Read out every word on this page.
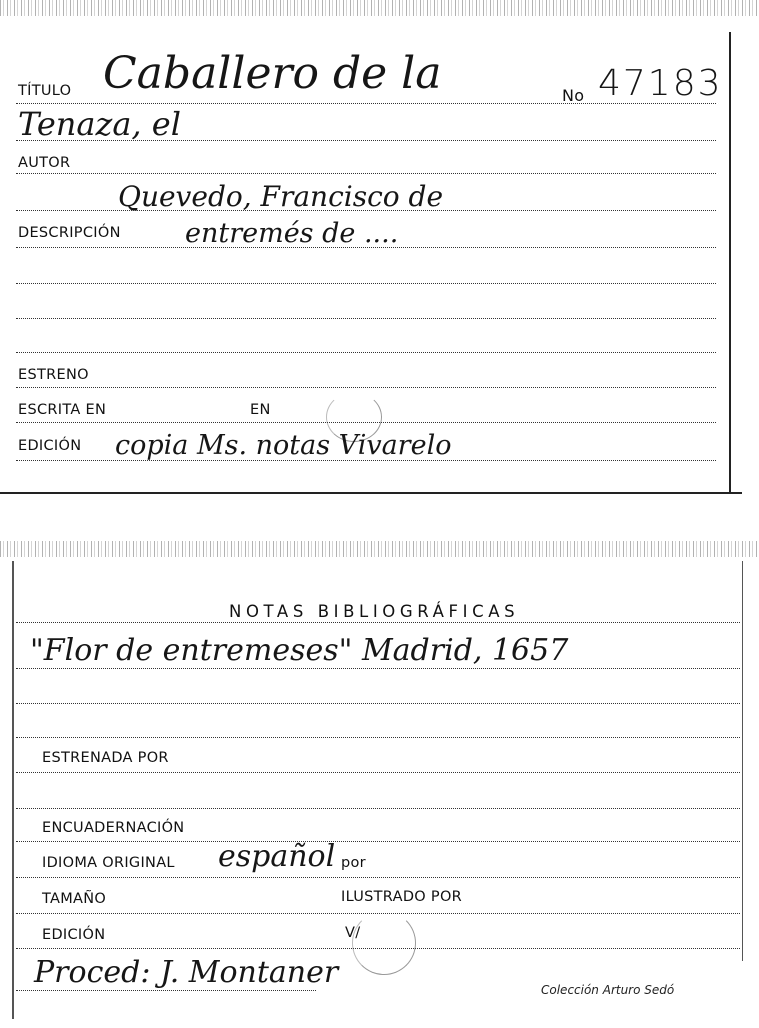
TÍTULO Caballero de la	No 47183
Tenaza, el
AUTOR
Quevedo, Francisco de
DESCRIPCIÓN entremés de ....
ESTRENO
ESCRITA EN	EN
EDICIÓN copia Ms. notas Vivarelo
NOTAS BIBLIOGRÁFICAS
"Flor de entremeses" Madrid, 1657
ESTRENADA POR
ENCUADERNACIÓN
IDIOMA ORIGINAL español por
TAMAÑO	ILUSTRADO POR
EDICIÓN	V/
Proced: J. Montaner	Colección Arturo Sedó
